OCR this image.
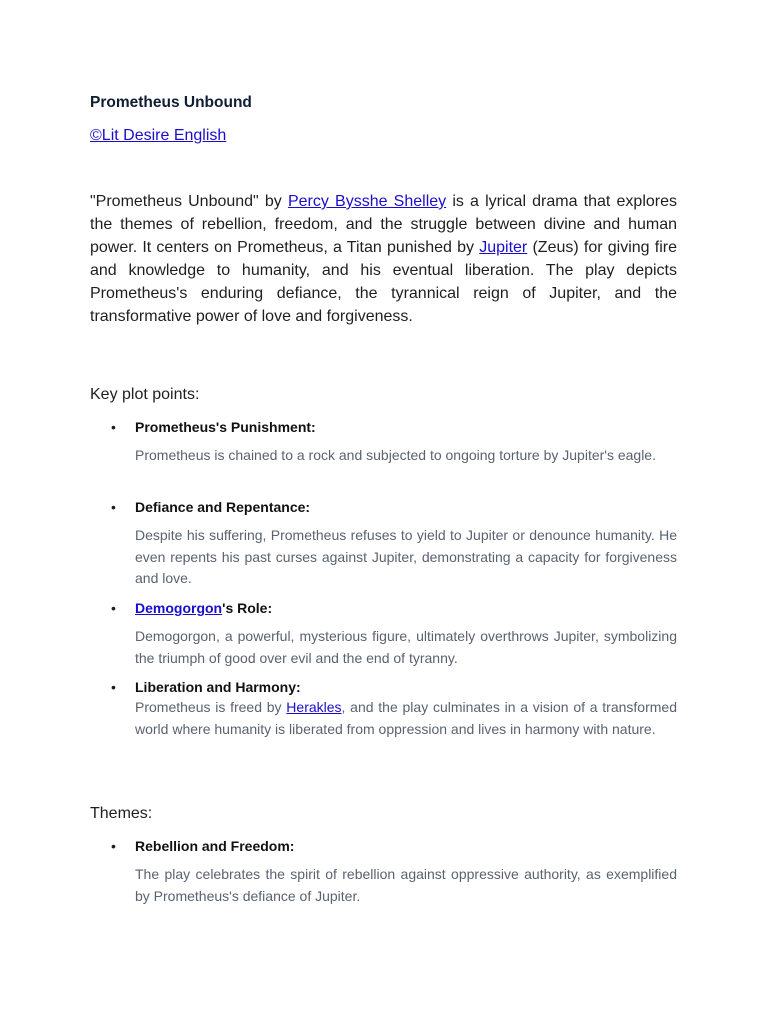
Prometheus Unbound
©Lit Desire English

"Prometheus Unbound" by Percy Bysshe Shelley is a lyrical drama that explores the themes of rebellion, freedom, and the struggle between divine and human power. It centers on Prometheus, a Titan punished by Jupiter (Zeus) for giving fire and knowledge to humanity, and his eventual liberation. The play depicts Prometheus's enduring defiance, the tyrannical reign of Jupiter, and the transformative power of love and forgiveness.

Key plot points:

• Prometheus's Punishment:

Prometheus is chained to a rock and subjected to ongoing torture by Jupiter's eagle.

• Defiance and Repentance:

Despite his suffering, Prometheus refuses to yield to Jupiter or denounce humanity. He even repents his past curses against Jupiter, demonstrating a capacity for forgiveness and love.

• Demogorgon's Role:

Demogorgon, a powerful, mysterious figure, ultimately overthrows Jupiter, symbolizing the triumph of good over evil and the end of tyranny.

• Liberation and Harmony:

Prometheus is freed by Herakles, and the play culminates in a vision of a transformed world where humanity is liberated from oppression and lives in harmony with nature.

Themes:

• Rebellion and Freedom:

The play celebrates the spirit of rebellion against oppressive authority, as exemplified by Prometheus's defiance of Jupiter.
